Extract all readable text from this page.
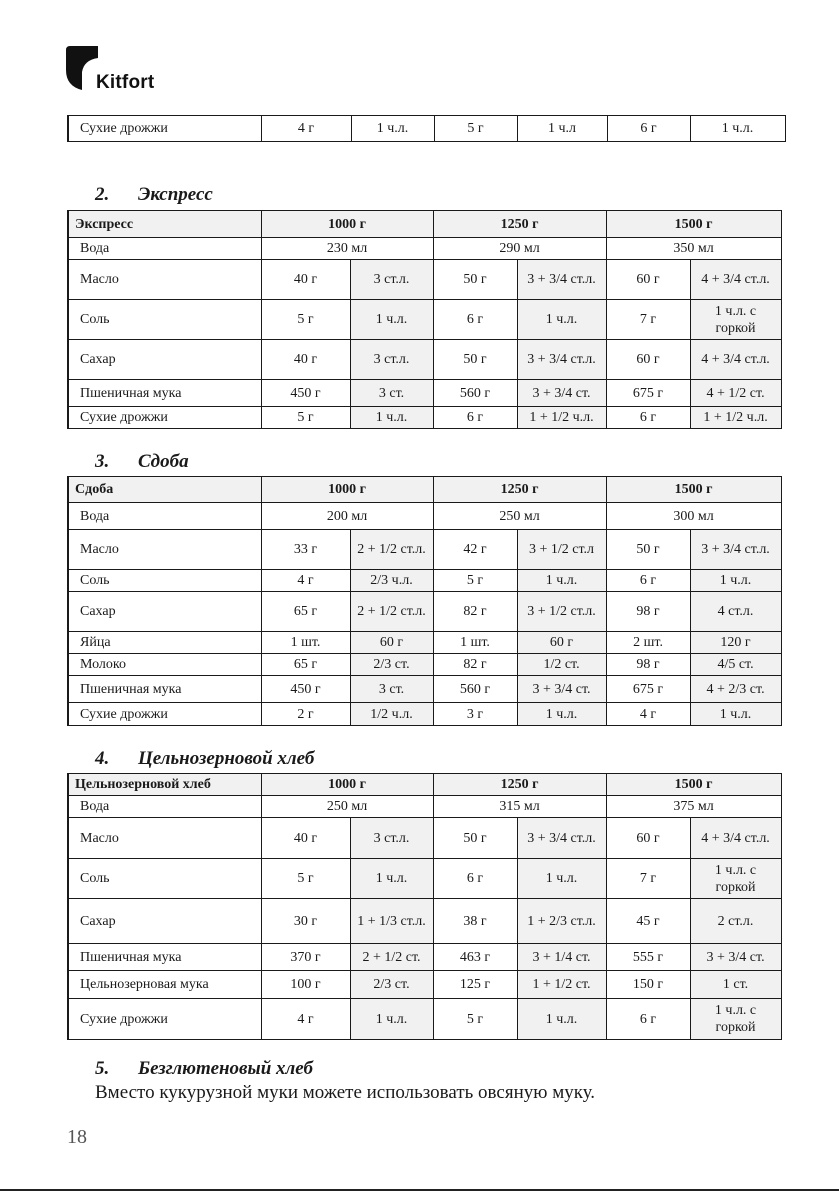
Kitfort
Сухие дрожжи	4 г	1 ч.л.	5 г	1 ч.л	6 г	1 ч.л.
2. Экспресс
Экспресс	1000 г		1250 г		1500 г	
Вода	230 мл		290 мл		350 мл	
Масло	40 г	3 ст.л.	50 г	3 + 3/4 ст.л.	60 г	4 + 3/4 ст.л.
Соль	5 г	1 ч.л.	6 г	1 ч.л.	7 г	1 ч.л. с горкой
Сахар	40 г	3 ст.л.	50 г	3 + 3/4 ст.л.	60 г	4 + 3/4 ст.л.
Пшеничная мука	450 г	3 ст.	560 г	3 + 3/4 ст.	675 г	4 + 1/2 ст.
Сухие дрожжи	5 г	1 ч.л.	6 г	1 + 1/2 ч.л.	6 г	1 + 1/2 ч.л.
3. Сдоба
Сдоба	1000 г		1250 г		1500 г	
Вода	200 мл		250 мл		300 мл	
Масло	33 г	2 + 1/2 ст.л.	42 г	3 + 1/2 ст.л	50 г	3 + 3/4 ст.л.
Соль	4 г	2/3 ч.л.	5 г	1 ч.л.	6 г	1 ч.л.
Сахар	65 г	2 + 1/2 ст.л.	82 г	3 + 1/2 ст.л.	98 г	4 ст.л.
Яйца	1 шт.	60 г	1 шт.	60 г	2 шт.	120 г
Молоко	65 г	2/3 ст.	82 г	1/2 ст.	98 г	4/5 ст.
Пшеничная мука	450 г	3 ст.	560 г	3 + 3/4 ст.	675 г	4 + 2/3 ст.
Сухие дрожжи	2 г	1/2 ч.л.	3 г	1 ч.л.	4 г	1 ч.л.
4. Цельнозерновой хлеб
Цельнозерновой хлеб	1000 г		1250 г		1500 г	
Вода	250 мл		315 мл		375 мл	
Масло	40 г	3 ст.л.	50 г	3 + 3/4 ст.л.	60 г	4 + 3/4 ст.л.
Соль	5 г	1 ч.л.	6 г	1 ч.л.	7 г	1 ч.л. с горкой
Сахар	30 г	1 + 1/3 ст.л.	38 г	1 + 2/3 ст.л.	45 г	2 ст.л.
Пшеничная мука	370 г	2 + 1/2 ст.	463 г	3 + 1/4 ст.	555 г	3 + 3/4 ст.
Цельнозерновая мука	100 г	2/3 ст.	125 г	1 + 1/2 ст.	150 г	1 ст.
Сухие дрожжи	4 г	1 ч.л.	5 г	1 ч.л.	6 г	1 ч.л. с горкой
5. Безглютеновый хлеб

Вместо кукурузной муки можете использовать овсяную муку.

18
